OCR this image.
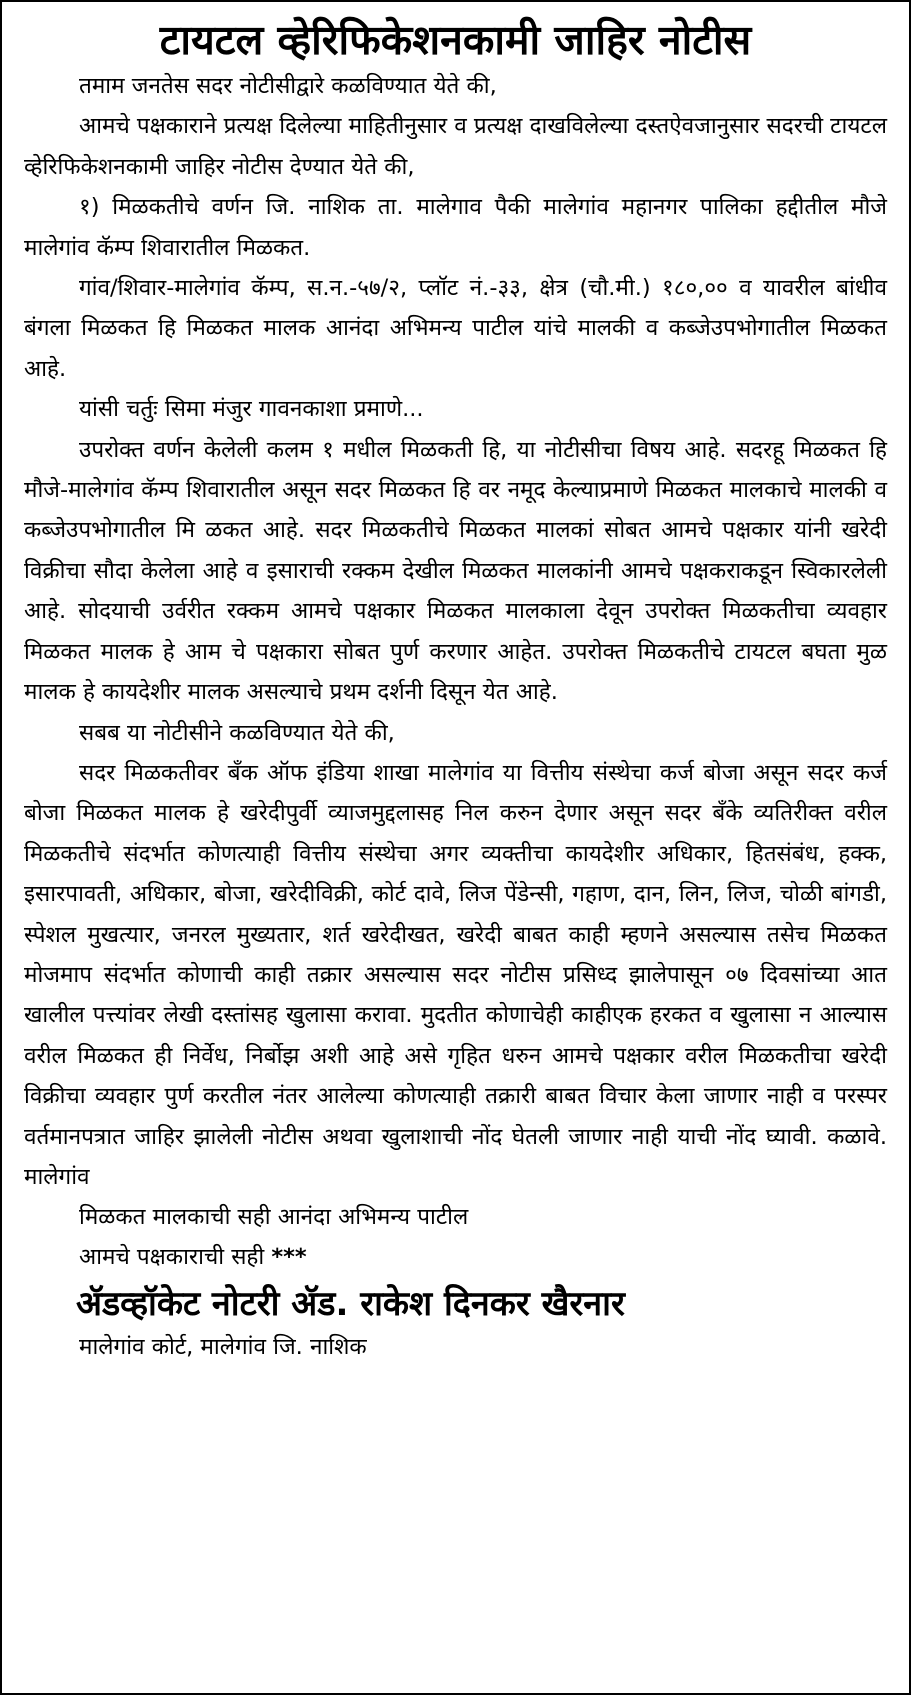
टायटल व्हेरिफिकेशनकामी जाहिर नोटीस

तमाम जनतेस सदर नोटीसीद्वारे कळविण्यात येते की,

आमचे पक्षकाराने प्रत्यक्ष दिलेल्या माहितीनुसार व प्रत्यक्ष दाखविलेल्या दस्तऐवजानुसार सदरची टायटल व्हेरिफिकेशनकामी जाहिर नोटीस देण्यात येते की,

१) मिळकतीचे वर्णन जि. नाशिक ता. मालेगाव पैकी मालेगांव महानगर पालिका हद्दीतील मौजे मालेगांव कॅम्प शिवारातील मिळकत.

गांव/शिवार-मालेगांव कॅम्प, स.न.-५७/२, प्लॉट नं.-३३, क्षेत्र (चौ.मी.) १८०,०० व यावरील बांधीव बंगला मिळकत हि मिळकत मालक आनंदा अभिमन्य पाटील यांचे मालकी व कब्जेउपभोगातील मिळकत आहे.

यांसी चर्तुः सिमा मंजुर गावनकाशा प्रमाणे...

उपरोक्त वर्णन केलेली कलम १ मधील मिळकती हि, या नोटीसीचा विषय आहे. सदरहू मिळकत हि मौजे-मालेगांव कॅम्प शिवारातील असून सदर मिळकत हि वर नमूद केल्याप्रमाणे मिळकत मालकाचे मालकी व कब्जेउपभोगातील मि ळकत आहे. सदर मिळकतीचे मिळकत मालकां सोबत आमचे पक्षकार यांनी खरेदी विक्रीचा सौदा केलेला आहे व इसाराची रक्कम देखील मिळकत मालकांनी आमचे पक्षकराकडून स्विकारलेली आहे. सोदयाची उर्वरीत रक्कम आमचे पक्षकार मिळकत मालकाला देवून उपरोक्त मिळकतीचा व्यवहार मिळकत मालक हे आम चे पक्षकारा सोबत पुर्ण करणार आहेत. उपरोक्त मिळकतीचे टायटल बघता मुळ मालक हे कायदेशीर मालक असल्याचे प्रथम दर्शनी दिसून येत आहे.

सबब या नोटीसीने कळविण्यात येते की,

सदर मिळकतीवर बँक ऑफ इंडिया शाखा मालेगांव या वित्तीय संस्थेचा कर्ज बोजा असून सदर कर्ज बोजा मिळकत मालक हे खरेदीपुर्वी व्याजमुद्दलासह निल करुन देणार असून सदर बँके व्यतिरीक्त वरील मिळकतीचे संदर्भात कोणत्याही वित्तीय संस्थेचा अगर व्यक्तीचा कायदेशीर अधिकार, हितसंबंध, हक्क, इसारपावती, अधिकार, बोजा, खरेदीविक्री, कोर्ट दावे, लिज पेंडेन्सी, गहाण, दान, लिन, लिज, चोळी बांगडी, स्पेशल मुखत्यार, जनरल मुख्यतार, शर्त खरेदीखत, खरेदी बाबत काही म्हणने असल्यास तसेच मिळकत मोजमाप संदर्भात कोणाची काही तक्रार असल्यास सदर नोटीस प्रसिध्द झालेपासून ०७ दिवसांच्या आत खालील पत्त्यांवर लेखी दस्तांसह खुलासा करावा. मुदतीत कोणाचेही काहीएक हरकत व खुलासा न आल्यास वरील मिळकत ही निर्वेध, निर्बोझ अशी आहे असे गृहित धरुन आमचे पक्षकार वरील मिळकतीचा खरेदी विक्रीचा व्यवहार पुर्ण करतील नंतर आलेल्या कोणत्याही तक्रारी बाबत विचार केला जाणार नाही व परस्पर वर्तमानपत्रात जाहिर झालेली नोटीस अथवा खुलाशाची नोंद घेतली जाणार नाही याची नोंद घ्यावी. कळावे. मालेगांव

मिळकत मालकाची सही आनंदा अभिमन्य पाटील

आमचे पक्षकाराची सही ***

ॲडव्हॉकेट नोटरी ॲड. राकेश दिनकर खैरनार

मालेगांव कोर्ट, मालेगांव जि. नाशिक
